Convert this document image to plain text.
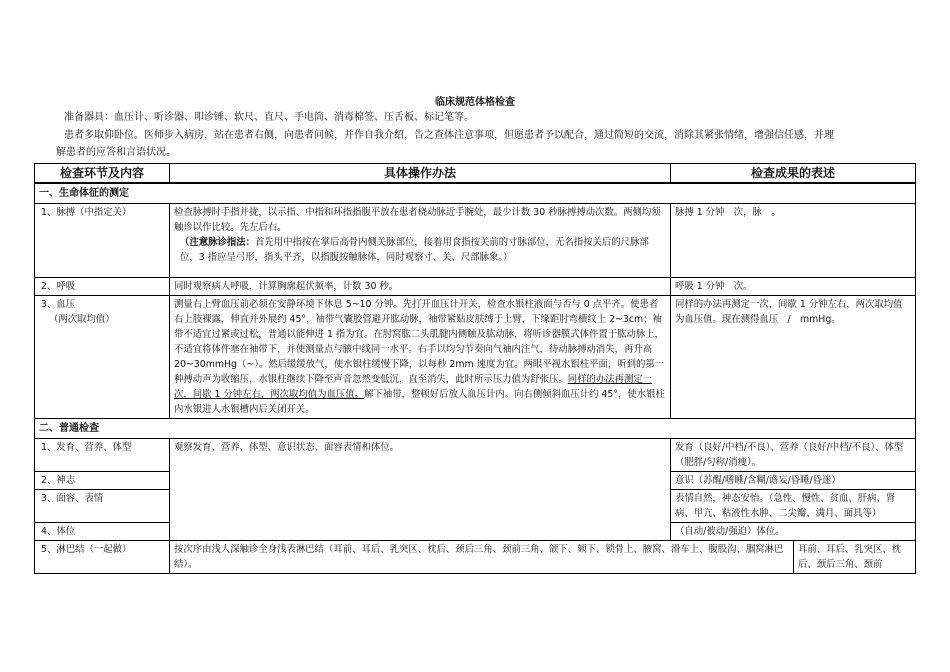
临床规范体格检查
准备器具：血压计、听诊器、叩诊锤、软尺、直尺、手电筒、消毒棉签、压舌板、标记笔等。
患者多取仰卧位。医师步入病房，站在患者右侧，向患者问候，并作自我介绍，告之查体注意事项，但愿患者予以配合，通过简短的交流，消除其紧张情绪，增强信任感，并理
解患者的应答和言语状况。
检查环节及内容	具体操作办法	检查成果的表述	
一、生命体征的测定			
1、脉搏（中指定关）	检查脉搏时手指并拢，以示指、中指和环指指腹平放在患者桡动脉近手腕处，最少计数 30 秒脉搏搏动次数。两侧均须触诊以作比较。先左后右。
（注意脉诊指法：首先用中指按在掌后高骨内侧关脉部位，接着用食指按关前的寸脉部位，无名指按关后的尺脉部位，3 指应呈弓形，指头平齐，以指腹按触脉体，同时观察寸、关、尺部脉象。）	脉搏 1 分钟　次，脉　。	
2、呼吸	同时观察病人呼吸，计算胸廓起伏频率，计数 30 秒。	呼吸 1 分钟　次。	

3、血压
（两次取均值）	测量右上臂血压前必须在安静环境下休息 5~10 分钟。先打开血压计开关，检查水银柱液面与否与 0 点平齐。使患者右上肢裸露，伸直并外展约 45°，袖带气囊胶管避开肱动脉，袖带紧贴皮肤缚于上臂，下缘距肘弯横纹上 2~3cm；袖带不适宜过紧或过松，普通以能伸进 1 指为宜。在肘窝肱二头肌腱内侧触及肱动脉，将听诊器膜式体件置于肱动脉上，不适宜将体件塞在袖带下，并使测量点与腋中线同一水平。右手以均匀节奏向气袖内注气，待动脉搏动消失，再升高 20~30mmHg（~）。然后缓缓放气，使水银柱缓慢下降，以每秒 2mm 速度为宜。两眼平视水银柱平面，听到的第一种搏动声为收缩压，水银柱继续下降至声音忽然变低沉，直至消失，此时所示压力值为舒张压。同样的办法再测定一次，间歇 1 分钟左右，两次取均值为血压值。解下袖带，整顿好后放人血压计内。向右侧倾斜血压计约 45°，使水银柱内水银进人水银槽内后关闭开关。	同样的办法再测定一次，间歇 1 分钟左右，两次取均值为血压值。现在测得血压　/　mmHg。	
二、普通检查			
1、发育、营养、体型	观察发育、营养、体型、意识状态、面容表情和体位。	发育（良好/中档/不良）、营养（良好/中档/不良）、体型（肥胖/匀称/消瘦）。	
2、神志		意识（苏醒/嗜睡/含糊/谵妄/昏睡/昏迷）	
3、面容、表情		表情自然，神态安怡。（急性、慢性、贫血、肝病、肾病、甲亢、粘液性水肿、二尖瓣、满月、面具等）	
4、体位		（自动/被动/强迫）体位。	
5、淋巴结（一起做）	按次序由浅人深触诊全身浅表淋巴结（耳前、耳后、乳突区、枕后、颈后三角、颈前三角、颌下、颏下、锁骨上、腋窝、滑车上、腹股沟、腘窝淋巴结）。		耳前、耳后、乳突区、枕后、颈后三角、颈前
